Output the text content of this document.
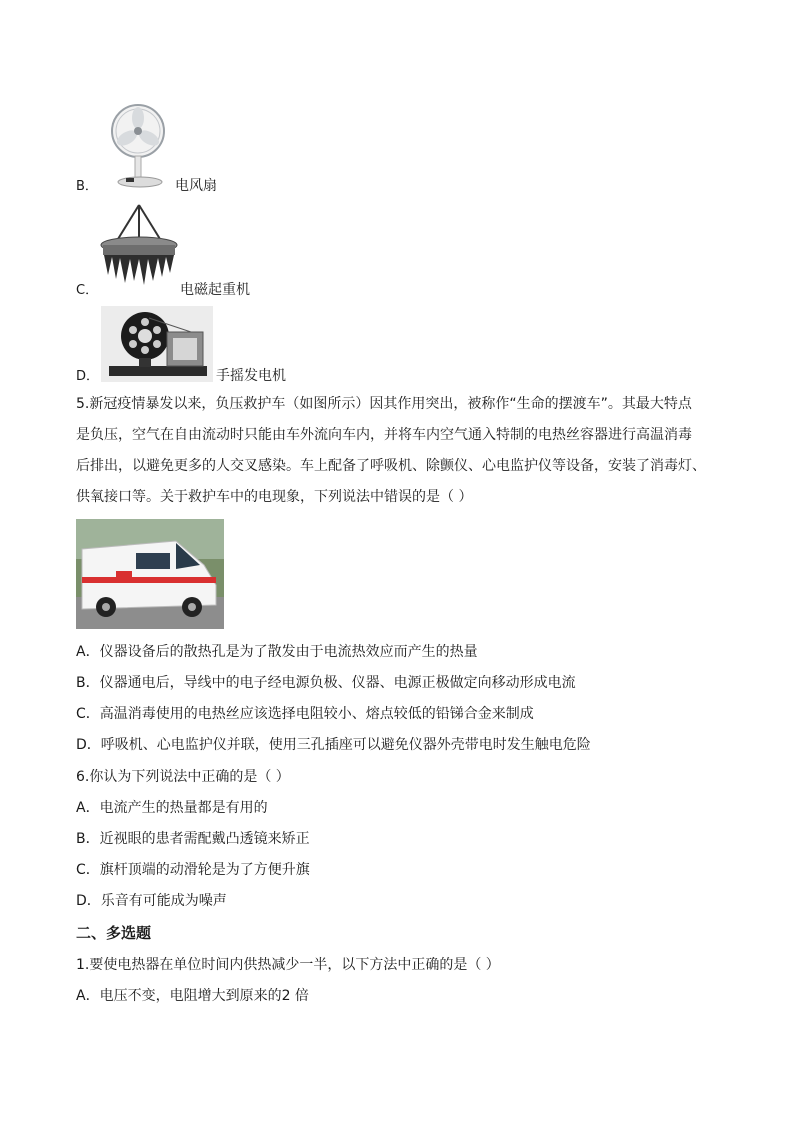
B．	电风扇
C．	电磁起重机
D．	手摇发电机
5.新冠疫情暴发以来，负压救护车（如图所示）因其作用突出，被称作“生命的摆渡车”。其最大特点
是负压，空气在自由流动时只能由车外流向车内，并将车内空气通入特制的电热丝容器进行高温消毒
后排出，以避免更多的人交叉感染。车上配备了呼吸机、除颤仪、心电监护仪等设备，安装了消毒灯、
供氧接口等。关于救护车中的电现象，下列说法中错误的是（ ）
A．仪器设备后的散热孔是为了散发由于电流热效应而产生的热量
B．仪器通电后，导线中的电子经电源负极、仪器、电源正极做定向移动形成电流
C．高温消毒使用的电热丝应该选择电阻较小、熔点较低的铅锑合金来制成
D．呼吸机、心电监护仪并联，使用三孔插座可以避免仪器外壳带电时发生触电危险
6.你认为下列说法中正确的是（ ）
A．电流产生的热量都是有用的
B．近视眼的患者需配戴凸透镜来矫正
C．旗杆顶端的动滑轮是为了方便升旗
D．乐音有可能成为噪声
二、多选题
1.要使电热器在单位时间内供热减少一半，以下方法中正确的是（ ）
A．电压不变，电阻增大到原来的2 倍
